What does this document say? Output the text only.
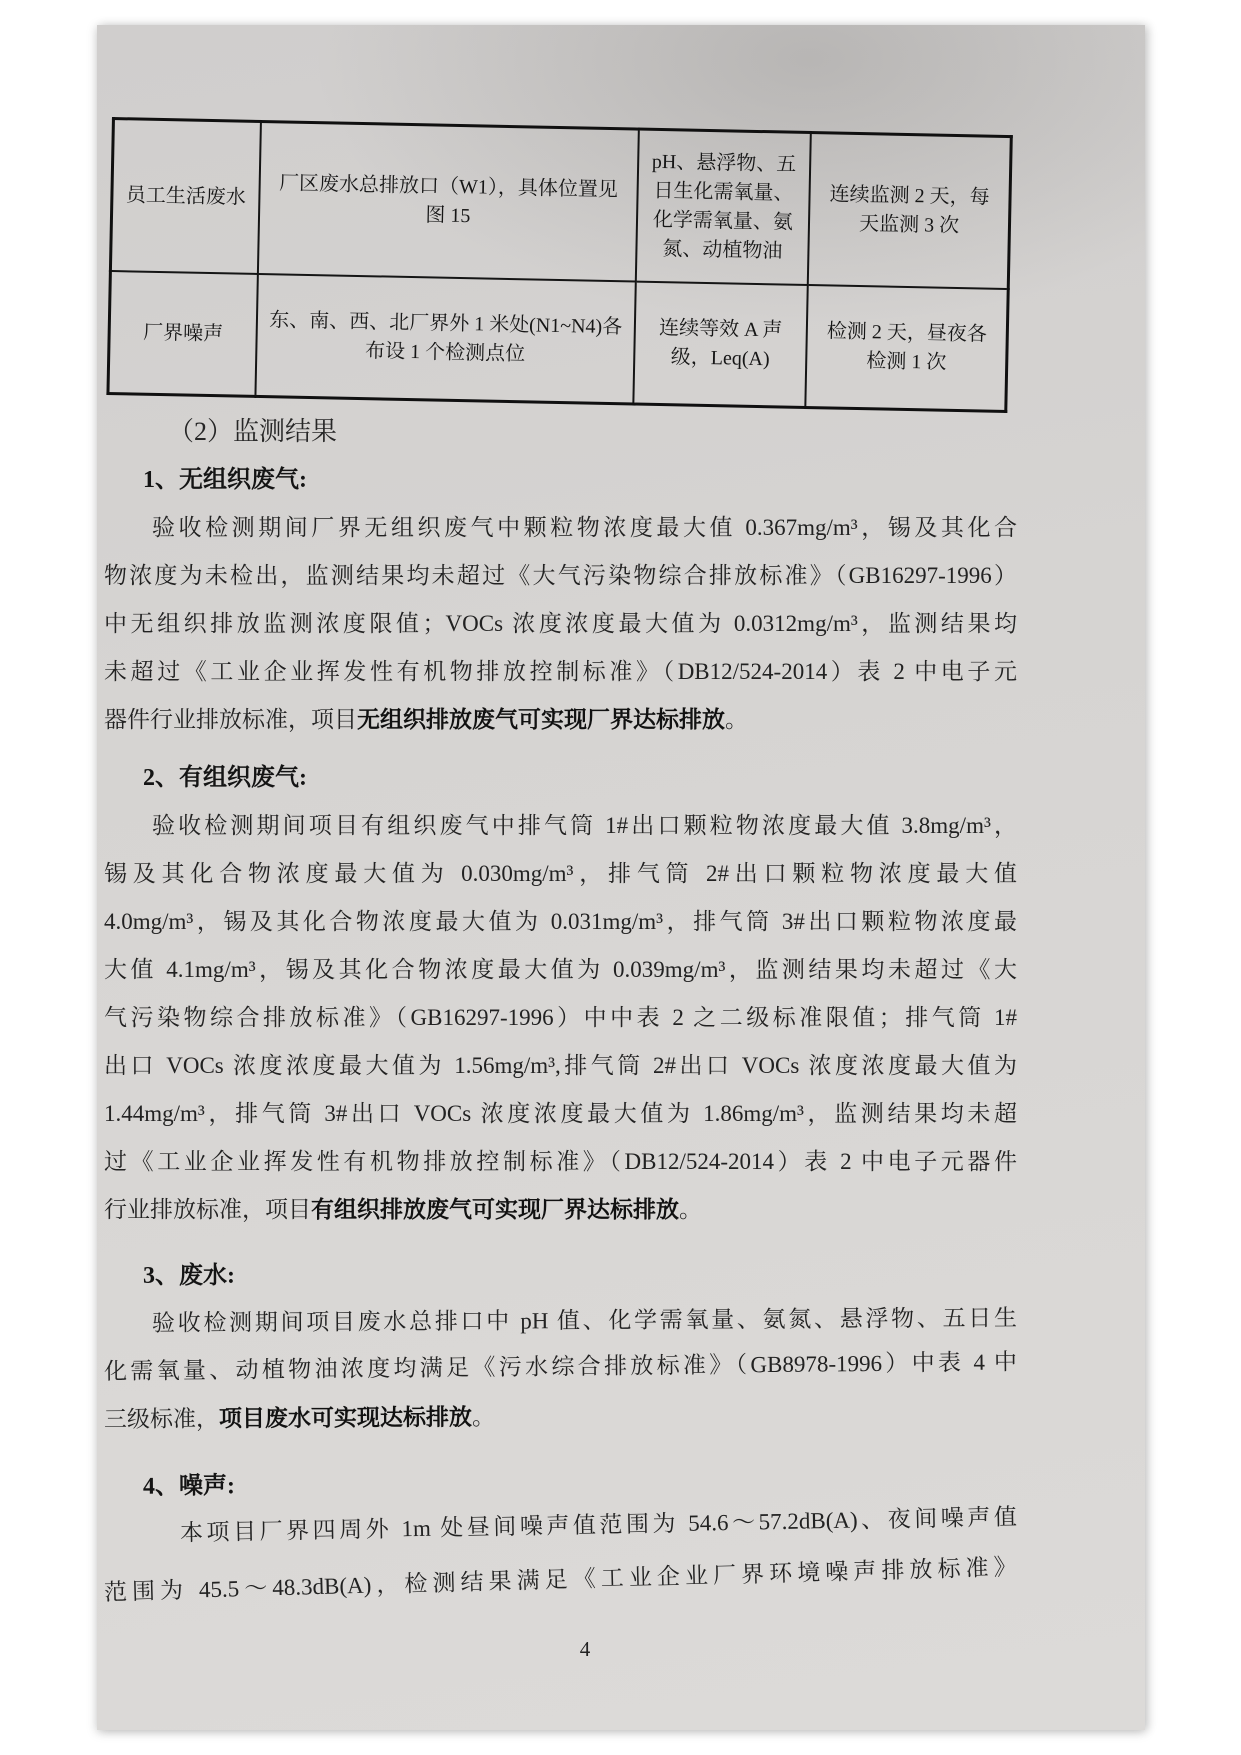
员工生活废水	厂区废水总排放口（W1），具体位置见图 15	pH、悬浮物、五日生化需氧量、化学需氧量、氨氮、动植物油	连续监测 2 天，每天监测 3 次
厂界噪声	东、南、西、北厂界外 1 米处(N1~N4)各布设 1 个检测点位	连续等效 A 声级，Leq(A)	检测 2 天，昼夜各检测 1 次
（2）监测结果
1、无组织废气:
验收检测期间厂界无组织废气中颗粒物浓度最大值 0.367mg/m³，锡及其化合
物浓度为未检出，监测结果均未超过《大气污染物综合排放标准》（GB16297-1996）
中无组织排放监测浓度限值；VOCs 浓度浓度最大值为 0.0312mg/m³，监测结果均
未超过《工业企业挥发性有机物排放控制标准》（DB12/524-2014）表 2 中电子元
器件行业排放标准，项目无组织排放废气可实现厂界达标排放。
2、有组织废气:
验收检测期间项目有组织废气中排气筒 1#出口颗粒物浓度最大值 3.8mg/m³，
锡及其化合物浓度最大值为 0.030mg/m³，排气筒 2#出口颗粒物浓度最大值
4.0mg/m³，锡及其化合物浓度最大值为 0.031mg/m³，排气筒 3#出口颗粒物浓度最
大值 4.1mg/m³，锡及其化合物浓度最大值为 0.039mg/m³，监测结果均未超过《大
气污染物综合排放标准》（GB16297-1996）中中表 2 之二级标准限值；排气筒 1#
出口 VOCs 浓度浓度最大值为 1.56mg/m³,排气筒 2#出口 VOCs 浓度浓度最大值为
1.44mg/m³，排气筒 3#出口 VOCs 浓度浓度最大值为 1.86mg/m³，监测结果均未超
过《工业企业挥发性有机物排放控制标准》（DB12/524-2014）表 2 中电子元器件
行业排放标准，项目有组织排放废气可实现厂界达标排放。
3、废水:
验收检测期间项目废水总排口中 pH 值、化学需氧量、氨氮、悬浮物、五日生
化需氧量、动植物油浓度均满足《污水综合排放标准》（GB8978-1996）中表 4 中
三级标准，项目废水可实现达标排放。
4、噪声:
本项目厂界四周外 1m 处昼间噪声值范围为 54.6～57.2dB(A)、夜间噪声值
范围为 45.5～48.3dB(A)，检测结果满足《工业企业厂界环境噪声排放标准》
4
